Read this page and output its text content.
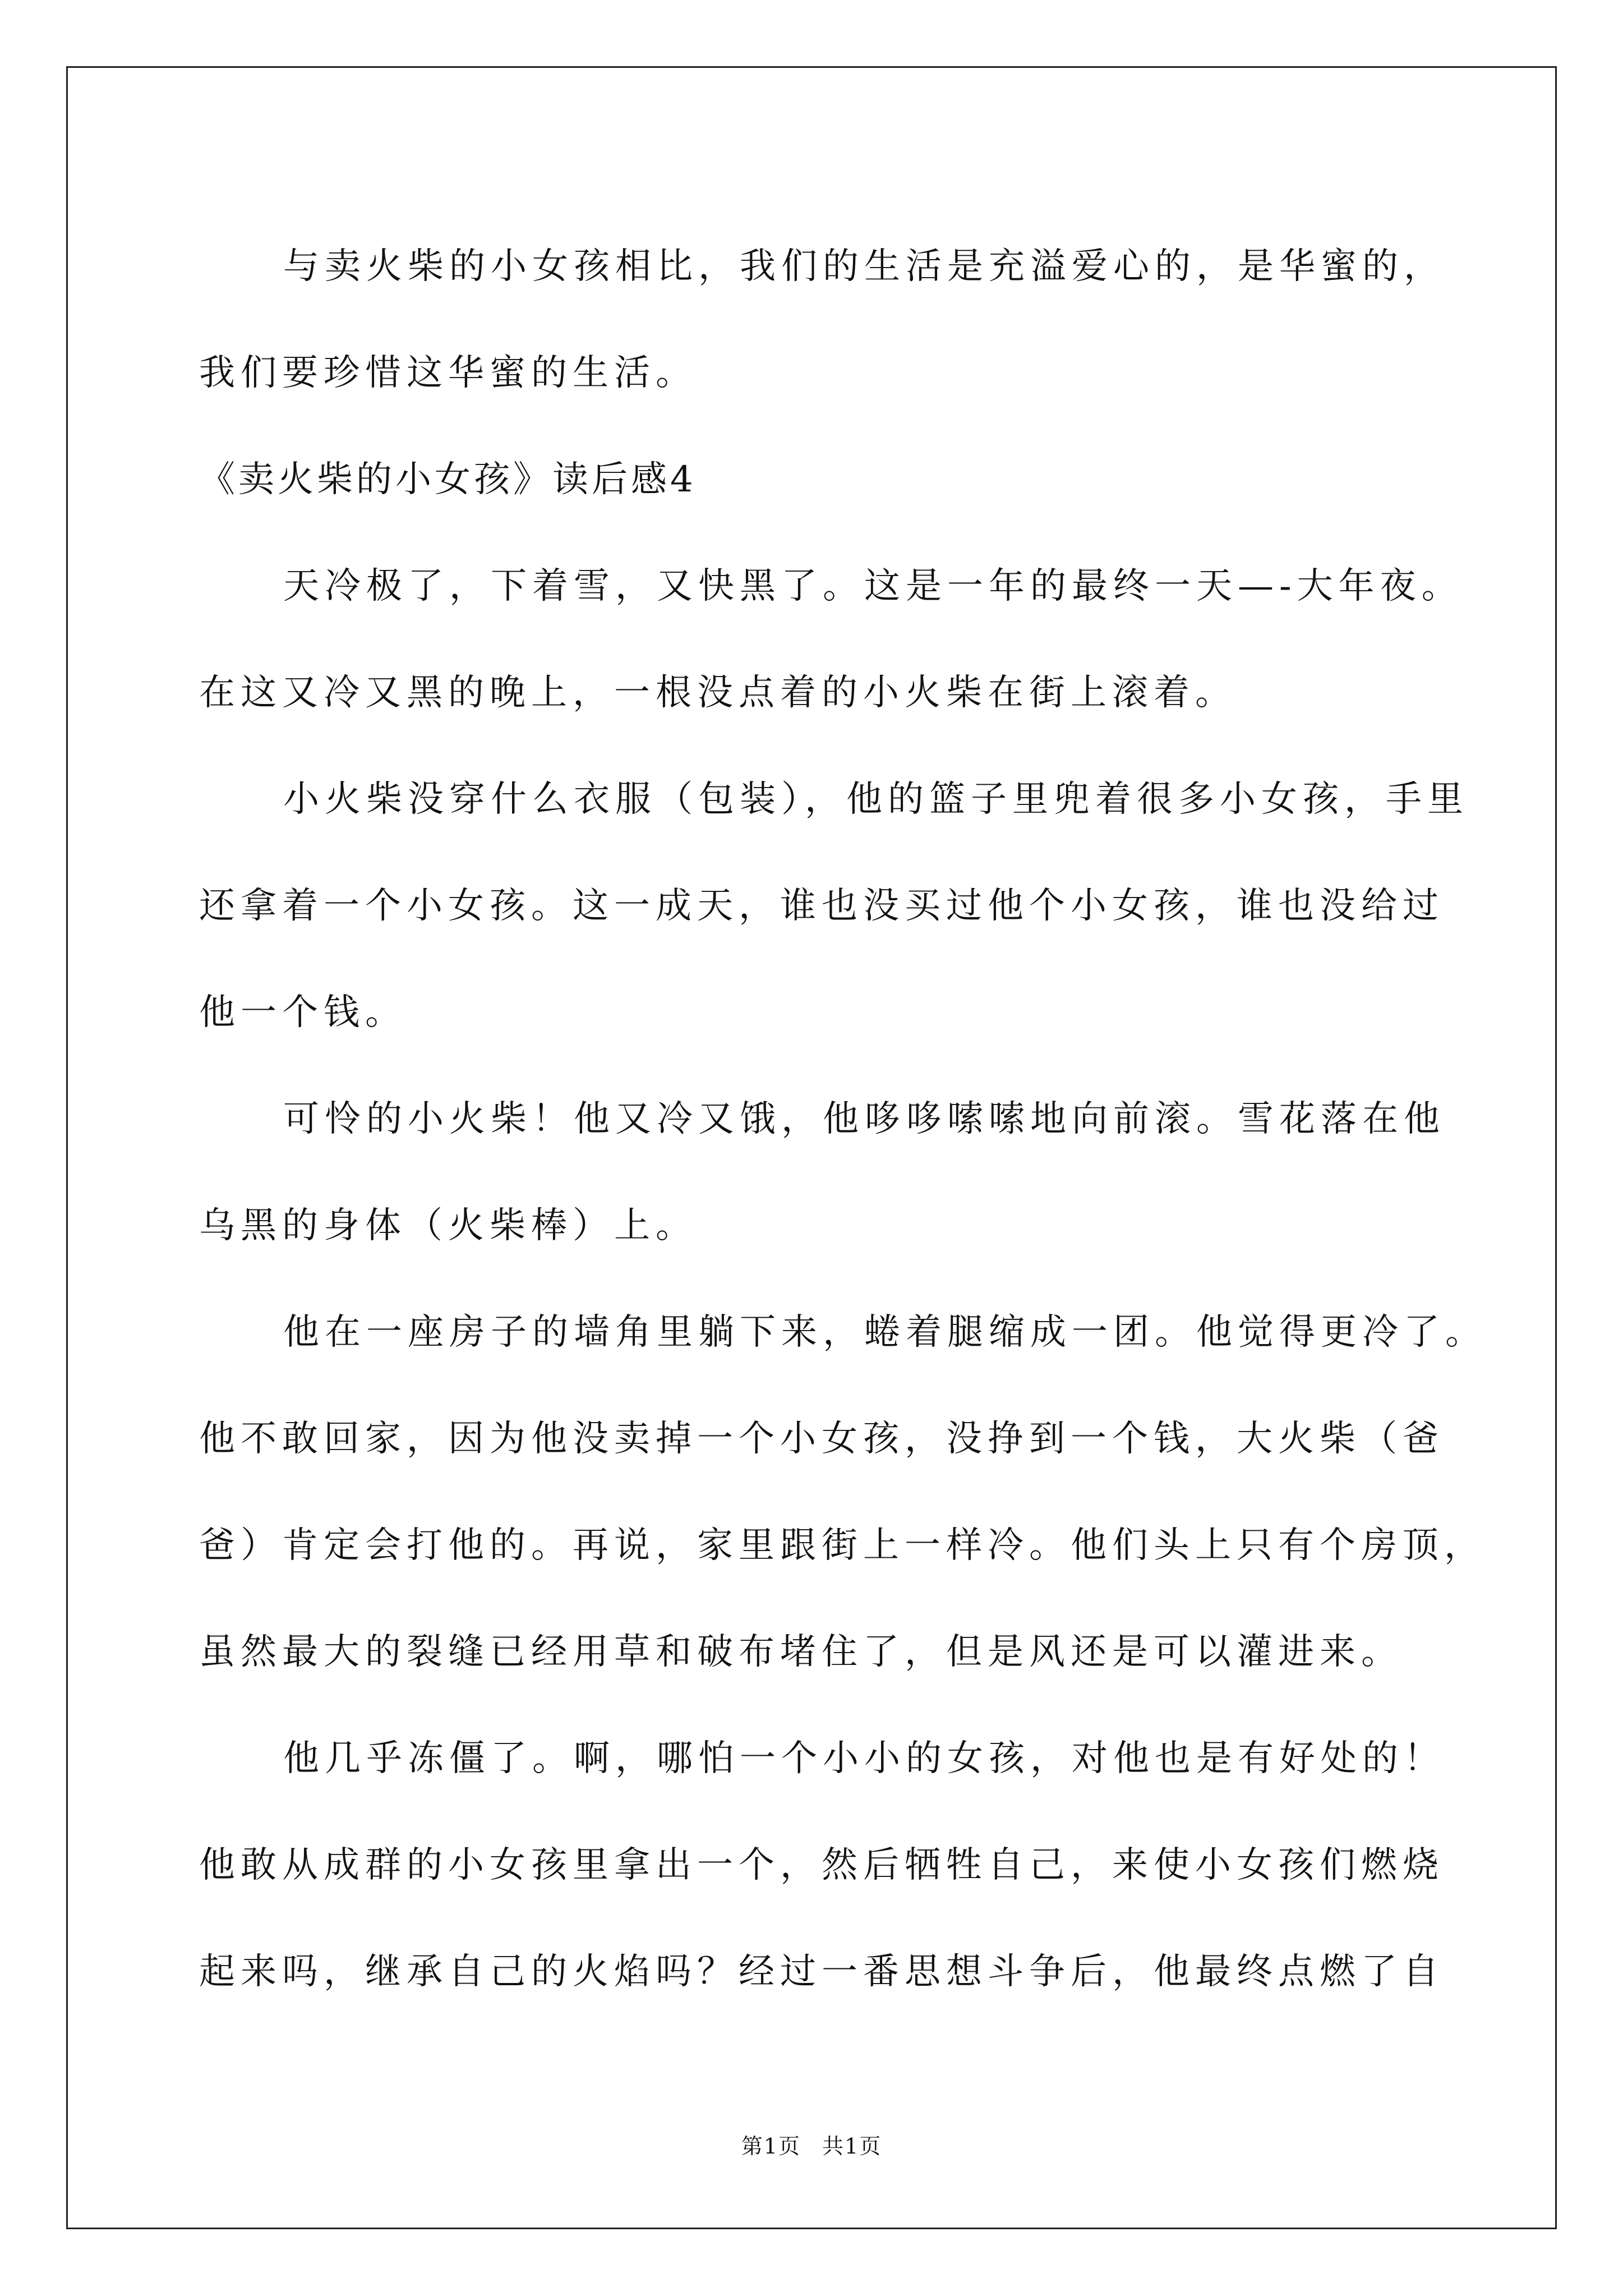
与卖火柴的小女孩相比，我们的生活是充溢爱心的，是华蜜的，
我们要珍惜这华蜜的生活。
《卖火柴的小女孩》读后感4
天冷极了，下着雪，又快黑了。这是一年的最终一天—-大年夜。
在这又冷又黑的晚上，一根没点着的小火柴在街上滚着。
小火柴没穿什么衣服（包装），他的篮子里兜着很多小女孩，手里
还拿着一个小女孩。这一成天，谁也没买过他个小女孩，谁也没给过
他一个钱。
可怜的小火柴！他又冷又饿，他哆哆嗦嗦地向前滚。雪花落在他
乌黑的身体（火柴棒）上。
他在一座房子的墙角里躺下来，蜷着腿缩成一团。他觉得更冷了。
他不敢回家，因为他没卖掉一个小女孩，没挣到一个钱，大火柴（爸
爸）肯定会打他的。再说，家里跟街上一样冷。他们头上只有个房顶，
虽然最大的裂缝已经用草和破布堵住了，但是风还是可以灌进来。
他几乎冻僵了。啊，哪怕一个小小的女孩，对他也是有好处的！
他敢从成群的小女孩里拿出一个，然后牺牲自己，来使小女孩们燃烧
起来吗，继承自己的火焰吗？经过一番思想斗争后，他最终点燃了自
第1页 共1页
